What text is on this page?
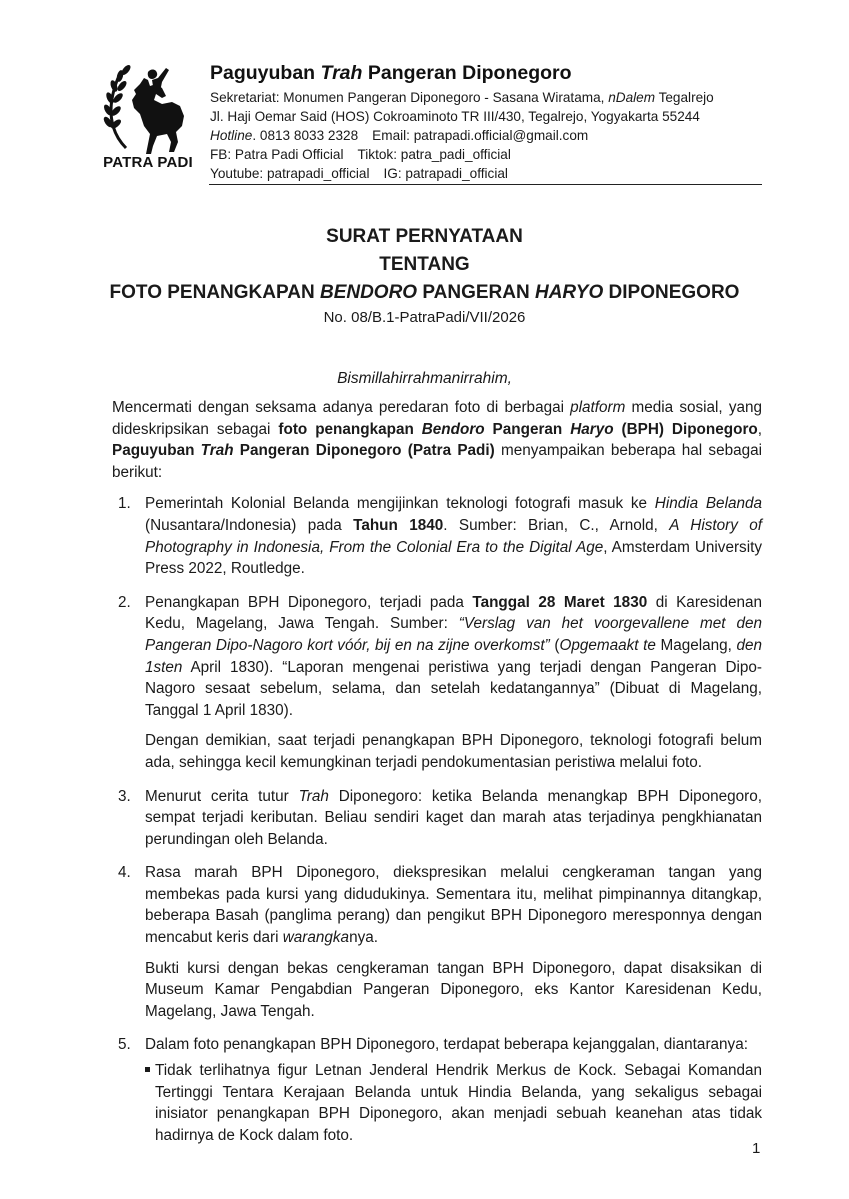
PATRA PADI
Paguyuban Trah Pangeran Diponegoro
Sekretariat: Monumen Pangeran Diponegoro - Sasana Wiratama, nDalem Tegalrejo
Jl. Haji Oemar Said (HOS) Cokroaminoto TR III/430, Tegalrejo, Yogyakarta 55244
Hotline. 0813 8033 2328 Email: patrapadi.official@gmail.com
FB: Patra Padi Official Tiktok: patra_padi_official
Youtube: patrapadi_official IG: patrapadi_official
SURAT PERNYATAAN
TENTANG
FOTO PENANGKAPAN BENDORO PANGERAN HARYO DIPONEGORO
No. 08/B.1-PatraPadi/VII/2026
Bismillahirrahmanirrahim,

Mencermati dengan seksama adanya peredaran foto di berbagai platform media sosial, yang dideskripsikan sebagai foto penangkapan Bendoro Pangeran Haryo (BPH) Diponegoro, Paguyuban Trah Pangeran Diponegoro (Patra Padi) menyampaikan beberapa hal sebagai berikut:

1. Pemerintah Kolonial Belanda mengijinkan teknologi fotografi masuk ke Hindia Belanda (Nusantara/Indonesia) pada Tahun 1840. Sumber: Brian, C., Arnold, A History of Photography in Indonesia, From the Colonial Era to the Digital Age, Amsterdam University Press 2022, Routledge.
2. Penangkapan BPH Diponegoro, terjadi pada Tanggal 28 Maret 1830 di Karesidenan Kedu, Magelang, Jawa Tengah. Sumber: “Verslag van het voorgevallene met den Pangeran Dipo-Nagoro kort vóór, bij en na zijne overkomst” (Opgemaakt te Magelang, den 1sten April 1830). “Laporan mengenai peristiwa yang terjadi dengan Pangeran Dipo-Nagoro sesaat sebelum, selama, dan setelah kedatangannya” (Dibuat di Magelang, Tanggal 1 April 1830).

Dengan demikian, saat terjadi penangkapan BPH Diponegoro, teknologi fotografi belum ada, sehingga kecil kemungkinan terjadi pendokumentasian peristiwa melalui foto.

3. Menurut cerita tutur Trah Diponegoro: ketika Belanda menangkap BPH Diponegoro, sempat terjadi keributan. Beliau sendiri kaget dan marah atas terjadinya pengkhianatan perundingan oleh Belanda.
4. Rasa marah BPH Diponegoro, diekspresikan melalui cengkeraman tangan yang membekas pada kursi yang didudukinya. Sementara itu, melihat pimpinannya ditangkap, beberapa Basah (panglima perang) dan pengikut BPH Diponegoro meresponnya dengan mencabut keris dari warangkanya.

Bukti kursi dengan bekas cengkeraman tangan BPH Diponegoro, dapat disaksikan di Museum Kamar Pengabdian Pangeran Diponegoro, eks Kantor Karesidenan Kedu, Magelang, Jawa Tengah.

5. Dalam foto penangkapan BPH Diponegoro, terdapat beberapa kejanggalan, diantaranya:
Tidak terlihatnya figur Letnan Jenderal Hendrik Merkus de Kock. Sebagai Komandan Tertinggi Tentara Kerajaan Belanda untuk Hindia Belanda, yang sekaligus sebagai inisiator penangkapan BPH Diponegoro, akan menjadi sebuah keanehan atas tidak hadirnya de Kock dalam foto.
1
